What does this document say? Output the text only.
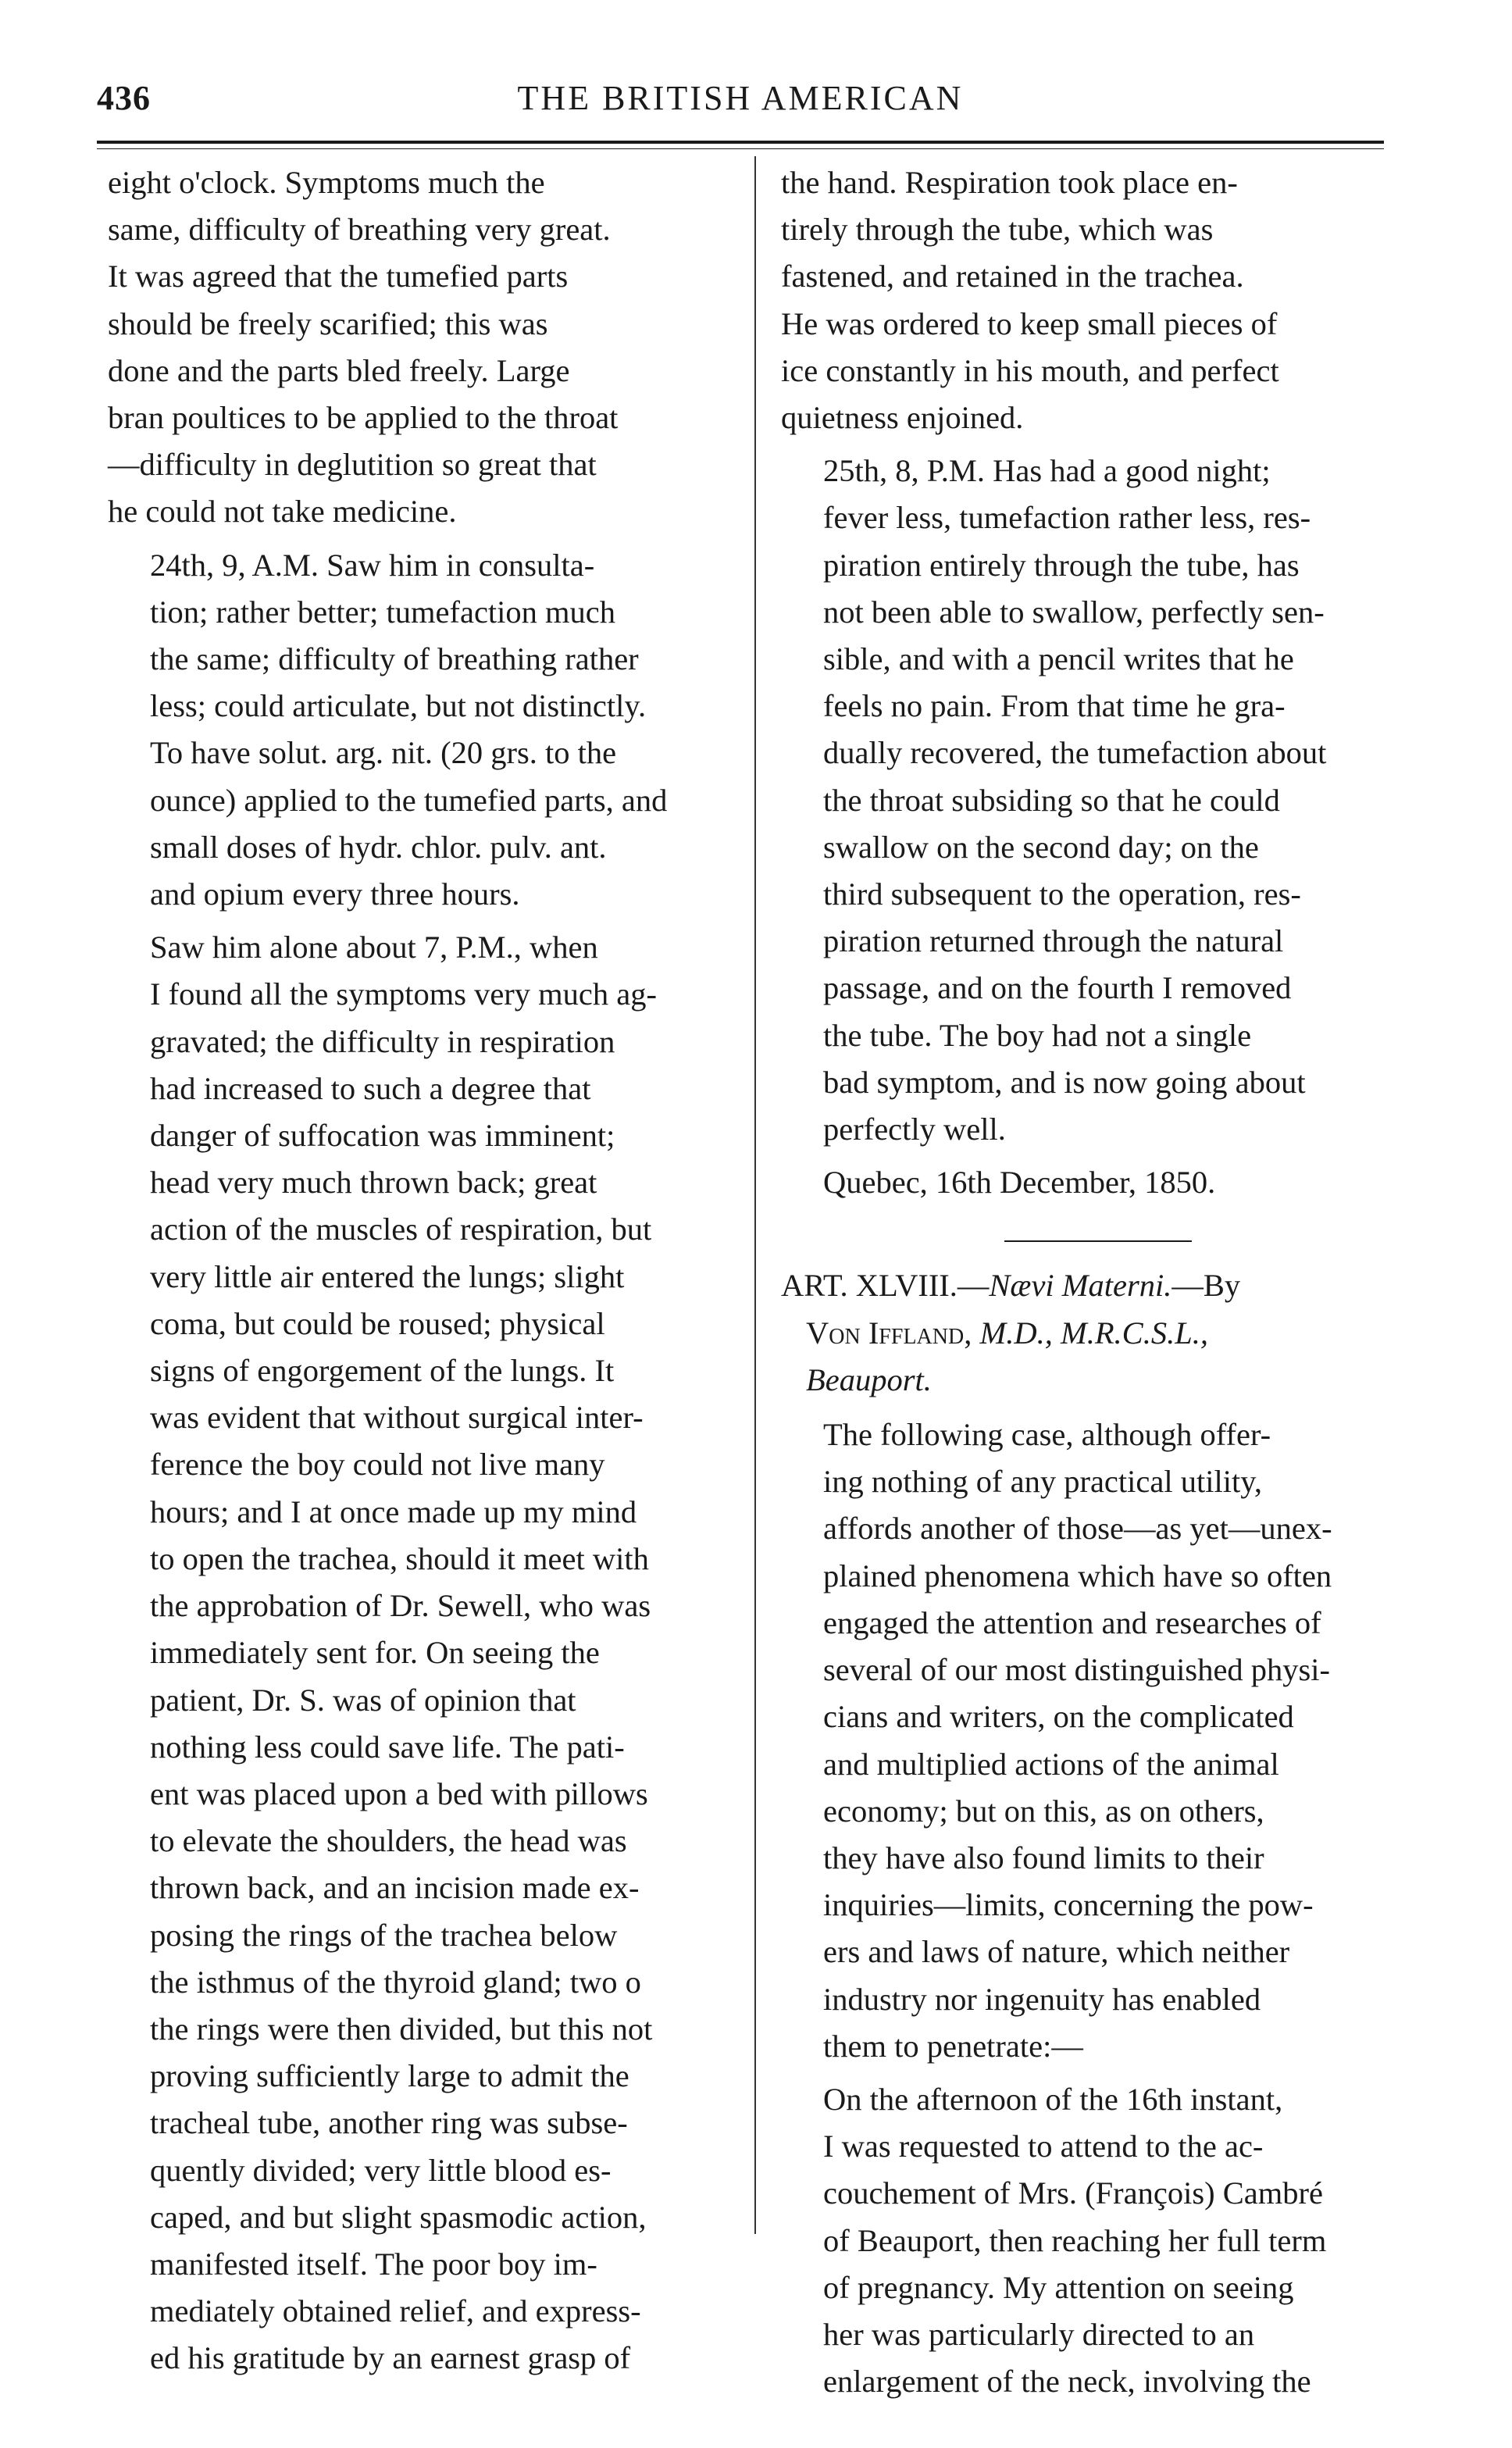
436	THE BRITISH AMERICAN
eight o'clock. Symptoms much the
same, difficulty of breathing very great.
It was agreed that the tumefied parts
should be freely scarified; this was
done and the parts bled freely. Large
bran poultices to be applied to the throat
—difficulty in deglutition so great that
he could not take medicine.
24th, 9, A.M. Saw him in consulta-
tion; rather better; tumefaction much
the same; difficulty of breathing rather
less; could articulate, but not distinctly.
To have solut. arg. nit. (20 grs. to the
ounce) applied to the tumefied parts, and
small doses of hydr. chlor. pulv. ant.
and opium every three hours.
Saw him alone about 7, P.M., when
I found all the symptoms very much ag-
gravated; the difficulty in respiration
had increased to such a degree that
danger of suffocation was imminent;
head very much thrown back; great
action of the muscles of respiration, but
very little air entered the lungs; slight
coma, but could be roused; physical
signs of engorgement of the lungs. It
was evident that without surgical inter-
ference the boy could not live many
hours; and I at once made up my mind
to open the trachea, should it meet with
the approbation of Dr. Sewell, who was
immediately sent for. On seeing the
patient, Dr. S. was of opinion that
nothing less could save life. The pati-
ent was placed upon a bed with pillows
to elevate the shoulders, the head was
thrown back, and an incision made ex-
posing the rings of the trachea below
the isthmus of the thyroid gland; two o
the rings were then divided, but this not
proving sufficiently large to admit the
tracheal tube, another ring was subse-
quently divided; very little blood es-
caped, and but slight spasmodic action,
manifested itself. The poor boy im-
mediately obtained relief, and express-
ed his gratitude by an earnest grasp of
the hand. Respiration took place en-
tirely through the tube, which was
fastened, and retained in the trachea.
He was ordered to keep small pieces of
ice constantly in his mouth, and perfect
quietness enjoined.
25th, 8, P.M. Has had a good night;
fever less, tumefaction rather less, res-
piration entirely through the tube, has
not been able to swallow, perfectly sen-
sible, and with a pencil writes that he
feels no pain. From that time he gra-
dually recovered, the tumefaction about
the throat subsiding so that he could
swallow on the second day; on the
third subsequent to the operation, res-
piration returned through the natural
passage, and on the fourth I removed
the tube. The boy had not a single
bad symptom, and is now going about
perfectly well.
Quebec, 16th December, 1850.
ART. XLVIII.—Nævi Materni.—By
Von Iffland, M.D., M.R.C.S.L.,
Beauport.
The following case, although offer-
ing nothing of any practical utility,
affords another of those—as yet—unex-
plained phenomena which have so often
engaged the attention and researches of
several of our most distinguished physi-
cians and writers, on the complicated
and multiplied actions of the animal
economy; but on this, as on others,
they have also found limits to their
inquiries—limits, concerning the pow-
ers and laws of nature, which neither
industry nor ingenuity has enabled
them to penetrate:—
On the afternoon of the 16th instant,
I was requested to attend to the ac-
couchement of Mrs. (François) Cambré
of Beauport, then reaching her full term
of pregnancy. My attention on seeing
her was particularly directed to an
enlargement of the neck, involving the
